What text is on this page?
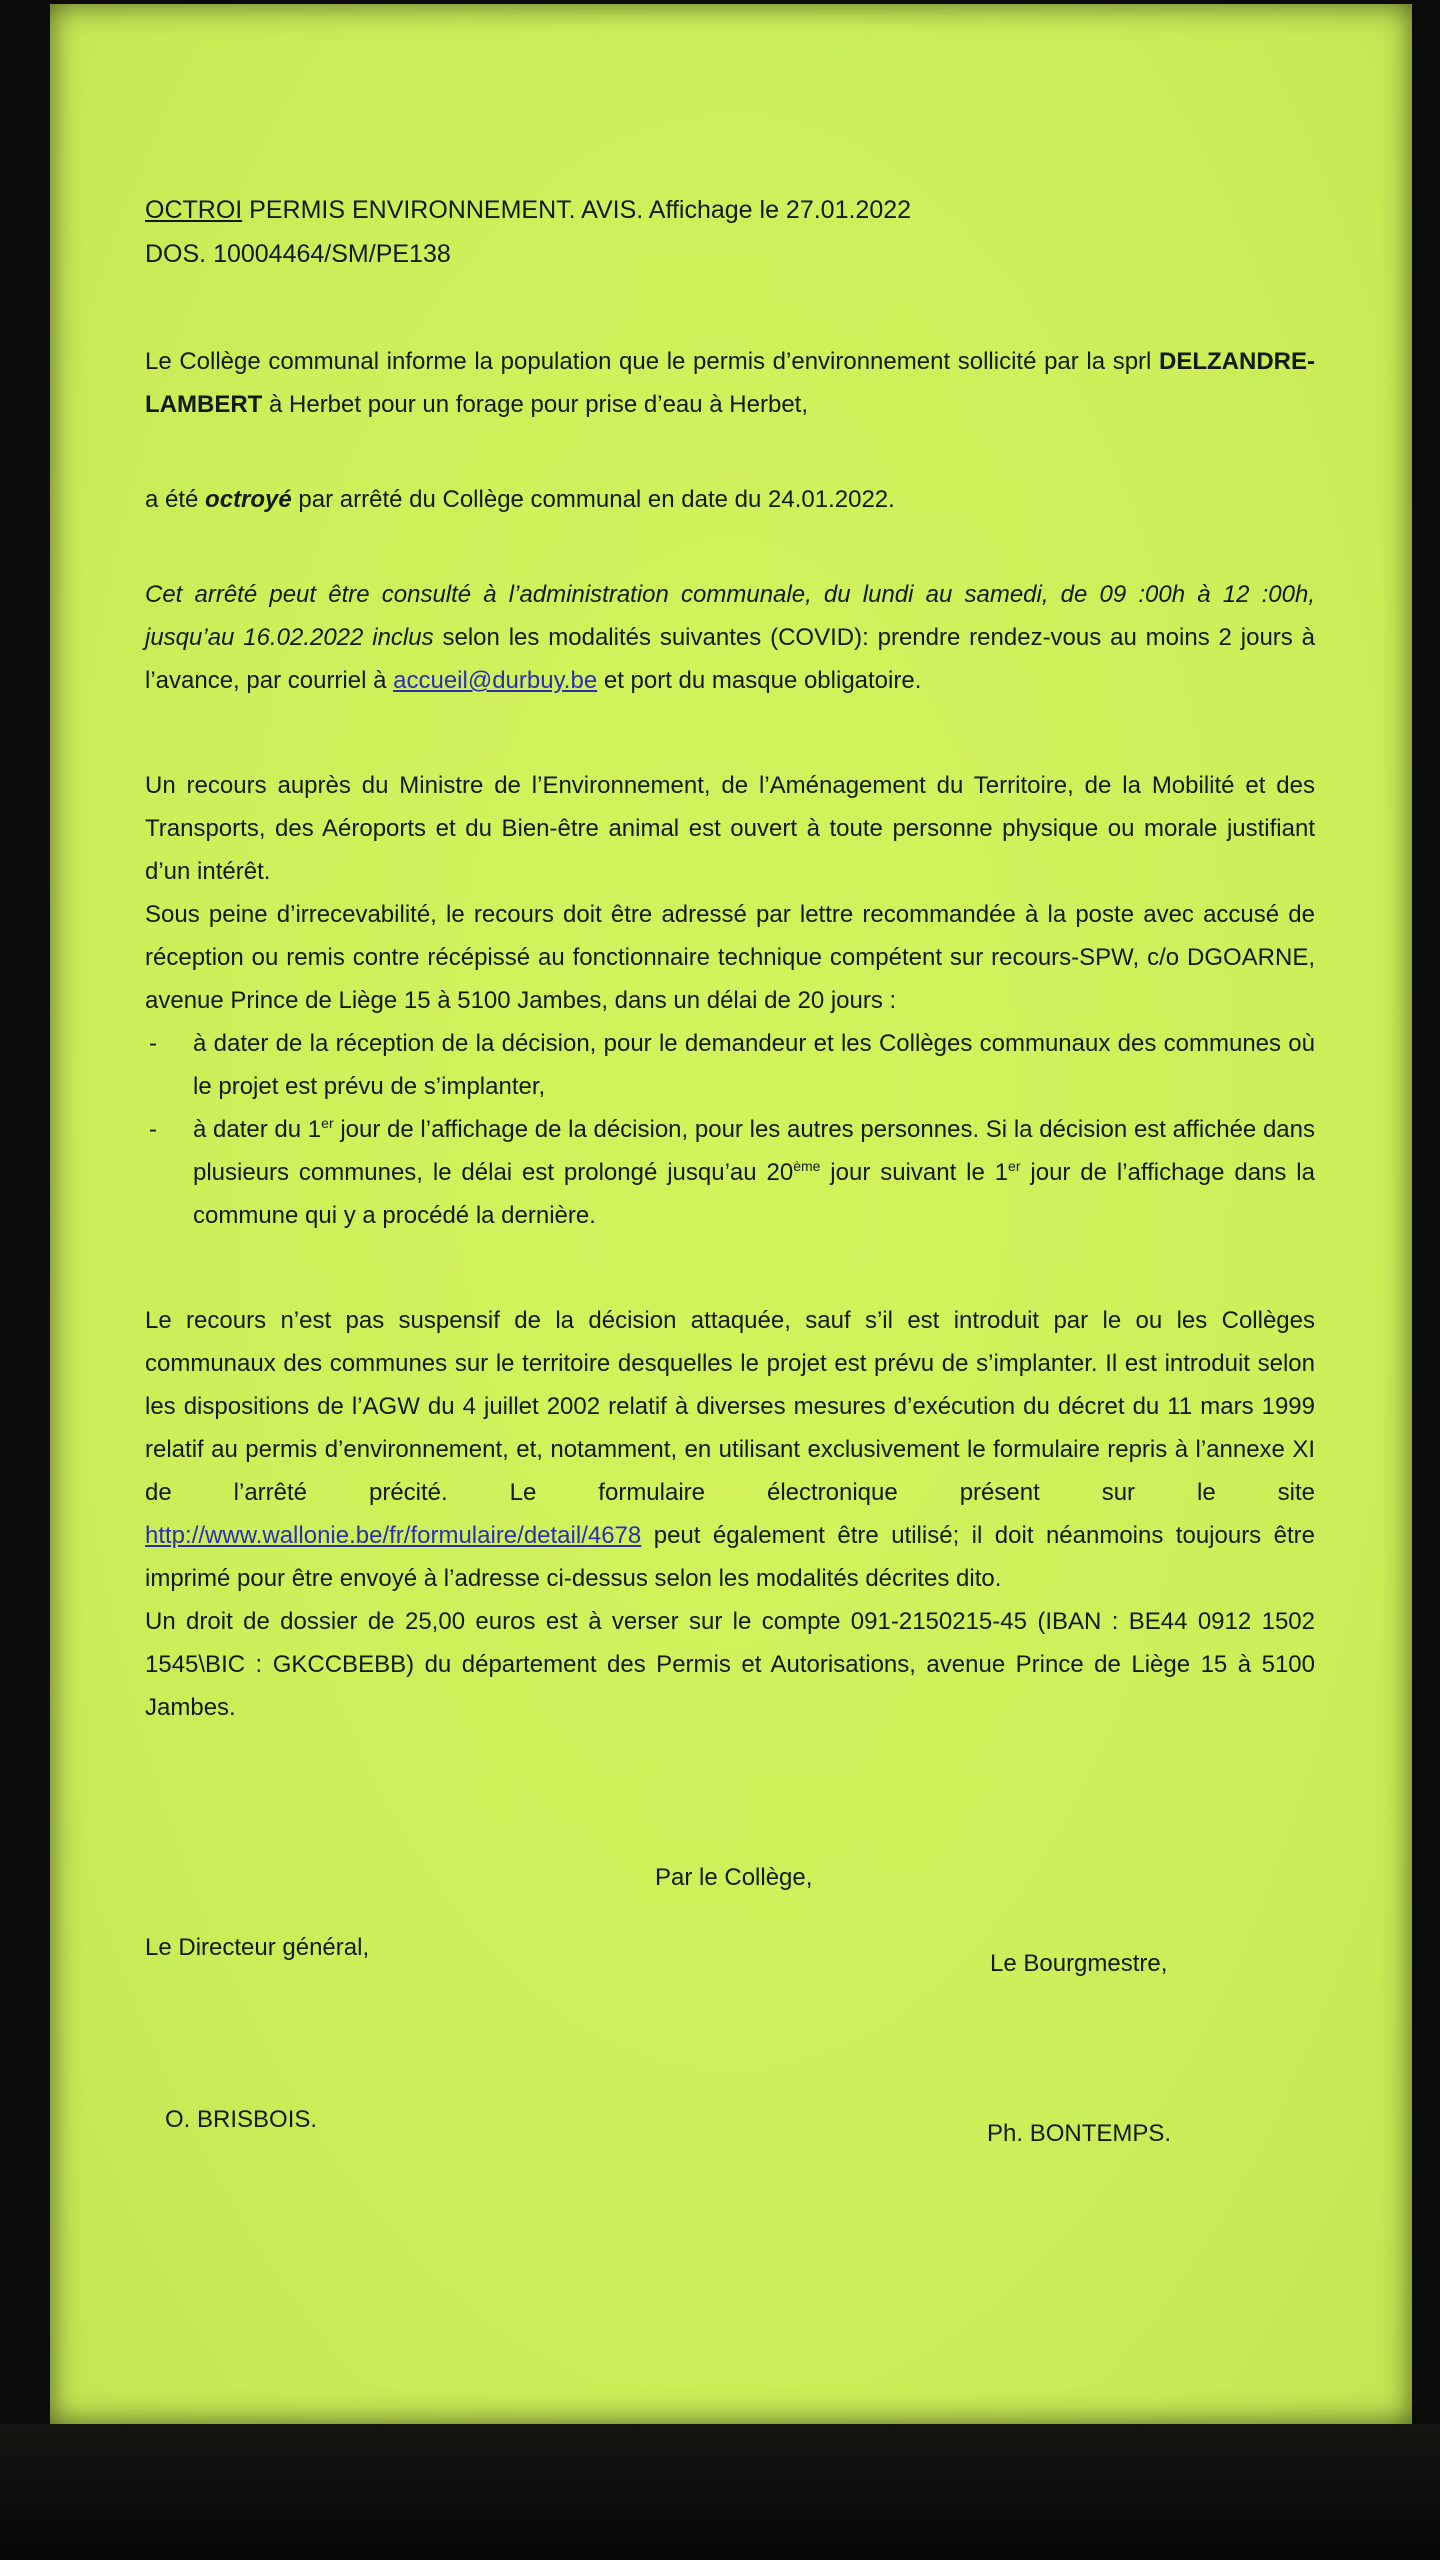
OCTROI PERMIS ENVIRONNEMENT. AVIS. Affichage le 27.01.2022
DOS. 10004464/SM/PE138

Le Collège communal informe la population que le permis d’environnement sollicité par la sprl DELZANDRE-LAMBERT à Herbet pour un forage pour prise d’eau à Herbet,

a été octroyé par arrêté du Collège communal en date du 24.01.2022.

Cet arrêté peut être consulté à l’administration communale, du lundi au samedi, de 09 :00h à 12 :00h, jusqu’au 16.02.2022 inclus selon les modalités suivantes (COVID): prendre rendez-vous au moins 2 jours à l’avance, par courriel à accueil@durbuy.be et port du masque obligatoire.

Un recours auprès du Ministre de l’Environnement, de l’Aménagement du Territoire, de la Mobilité et des Transports, des Aéroports et du Bien-être animal est ouvert à toute personne physique ou morale justifiant d’un intérêt.

Sous peine d’irrecevabilité, le recours doit être adressé par lettre recommandée à la poste avec accusé de réception ou remis contre récépissé au fonctionnaire technique compétent sur recours-SPW, c/o DGOARNE, avenue Prince de Liège 15 à 5100 Jambes, dans un délai de 20 jours :

- à dater de la réception de la décision, pour le demandeur et les Collèges communaux des communes où le projet est prévu de s’implanter,
- à dater du 1er jour de l’affichage de la décision, pour les autres personnes. Si la décision est affichée dans plusieurs communes, le délai est prolongé jusqu’au 20ème jour suivant le 1er jour de l’affichage dans la commune qui y a procédé la dernière.

Le recours n’est pas suspensif de la décision attaquée, sauf s’il est introduit par le ou les Collèges communaux des communes sur le territoire desquelles le projet est prévu de s’implanter. Il est introduit selon les dispositions de l’AGW du 4 juillet 2002 relatif à diverses mesures d’exécution du décret du 11 mars 1999 relatif au permis d’environnement, et, notamment, en utilisant exclusivement le formulaire repris à l’annexe XI de l’arrêté précité. Le formulaire électronique présent sur le site http://www.wallonie.be/fr/formulaire/detail/4678 peut également être utilisé; il doit néanmoins toujours être imprimé pour être envoyé à l’adresse ci-dessus selon les modalités décrites dito.

Un droit de dossier de 25,00 euros est à verser sur le compte 091-2150215-45 (IBAN : BE44 0912 1502 1545\BIC : GKCCBEBB) du département des Permis et Autorisations, avenue Prince de Liège 15 à 5100 Jambes.

Par le Collège,
Le Directeur général,
Le Bourgmestre,
O. BRISBOIS.
Ph. BONTEMPS.
